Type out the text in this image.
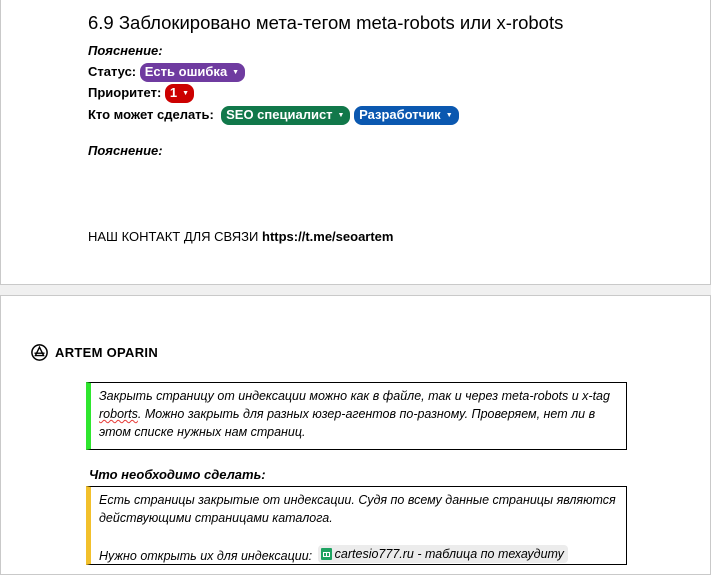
6.9 Заблокировано мета-тегом meta-robots или x-robots
Пояснение:
Статус: Есть ошибка ▼
Приоритет: 1 ▼
Кто может сделать: SEO специалист ▼ Разработчик ▼
Пояснение:
НАШ КОНТАКТ ДЛЯ СВЯЗИ https://t.me/seoartem
ARTEM OPARIN
Закрыть страницу от индексации можно как в файле, так и через meta-robots и x-tag roborts. Можно закрыть для разных юзер-агентов по-разному. Проверяем, нет ли в этом списке нужных нам страниц.
Что необходимо сделать:

Есть страницы закрытые от индексации. Судя по всему данные страницы являются действующими страницами каталога.

Нужно открыть их для индексации: cartesio777.ru - таблица по техаудиту
